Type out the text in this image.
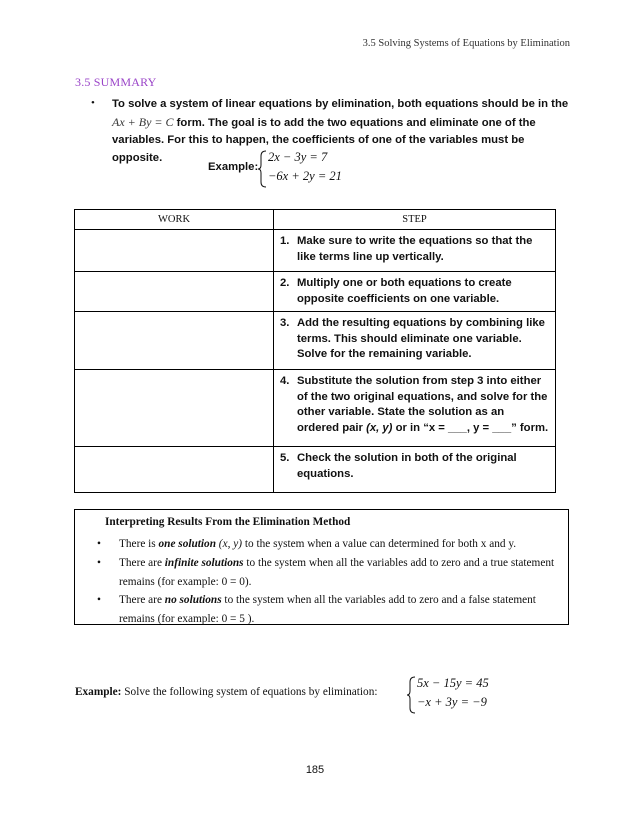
3.5 Solving Systems of Equations by Elimination
3.5 SUMMARY
• To solve a system of linear equations by elimination, both equations should be in the Ax + By = C form. The goal is to add the two equations and eliminate one of the variables. For this to happen, the coefficients of one of the variables must be opposite.
Example:
2x − 3y = 7
−6x + 2y = 21
WORK	STEP
	1. Make sure to write the equations so that the like terms line up vertically.
	2. Multiply one or both equations to create opposite coefficients on one variable.
	3. Add the resulting equations by combining like terms. This should eliminate one variable. Solve for the remaining variable.
	4. Substitute the solution from step 3 into either of the two original equations, and solve for the other variable. State the solution as an ordered pair (x, y) or in “x = ___, y = ___” form.
	5. Check the solution in both of the original equations.
Interpreting Results From the Elimination Method
• There is one solution (x, y) to the system when a value can determined for both x and y.
• There are infinite solutions to the system when all the variables add to zero and a true statement remains (for example: 0 = 0).
• There are no solutions to the system when all the variables add to zero and a false statement remains (for example: 0 = 5 ).
Example: Solve the following system of equations by elimination:
5x − 15y = 45
−x + 3y = −9
185
